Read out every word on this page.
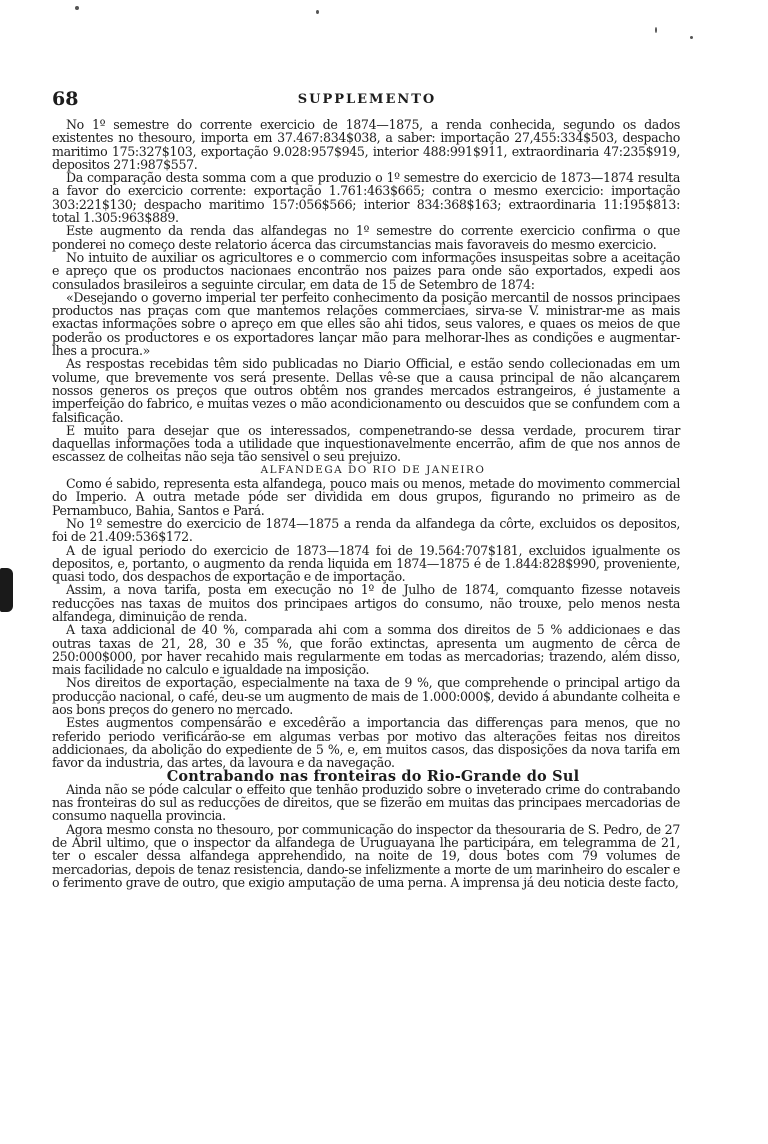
68	SUPPLEMENTO

No 1º semestre do corrente exercicio de 1874—1875, a renda conhecida, segundo os dados existentes no thesouro, importa em 37.467:834$038, a saber: importação 27,455:334$503, despacho maritimo 175:327$103, exportação 9.028:957$945, interior 488:991$911, extraordinaria 47:235$919, depositos 271:987$557.

Da comparação desta somma com a que produzio o 1º semestre do exercicio de 1873—1874 resulta a favor do exercicio corrente: exportação 1.761:463$665; contra o mesmo exercicio: importação 303:221$130; despacho maritimo 157:056$566; interior 834:368$163; extraordinaria 11:195$813: total 1.305:963$889.

Este augmento da renda das alfandegas no 1º semestre do corrente exercicio confirma o que ponderei no começo deste relatorio ácerca das circumstancias mais favoraveis do mesmo exercicio.

No intuito de auxiliar os agricultores e o commercio com informações insuspeitas sobre a aceitação e apreço que os productos nacionaes encontrão nos paizes para onde são exportados, expedi aos consulados brasileiros a seguinte circular, em data de 15 de Setembro de 1874:

«Desejando o governo imperial ter perfeito conhecimento da posição mercantil de nossos principaes productos nas praças com que mantemos relações commerciaes, sirva-se V. ministrar-me as mais exactas informações sobre o apreço em que elles são ahi tidos, seus valores, e quaes os meios de que poderão os productores e os exportadores lançar mão para melhorar-lhes as condições e augmentar-lhes a procura.»

As respostas recebidas têm sido publicadas no Diario Official, e estão sendo collecionadas em um volume, que brevemente vos será presente. Dellas vê-se que a causa principal de não alcançarem nossos generos os preços que outros obtêm nos grandes mercados estrangeiros, é justamente a imperfeição do fabrico, e muitas vezes o mão acondicionamento ou descuidos que se confundem com a falsificação.

E muito para desejar que os interessados, compenetrando-se dessa verdade, procurem tirar daquellas informações toda a utilidade que inquestionavelmente encerrão, afim de que nos annos de escassez de colheitas não seja tão sensivel o seu prejuizo.

ALFANDEGA DO RIO DE JANEIRO

Como é sabido, representa esta alfandega, pouco mais ou menos, metade do movimento commercial do Imperio. A outra metade póde ser dividida em dous grupos, figurando no primeiro as de Pernambuco, Bahia, Santos e Pará.

No 1º semestre do exercicio de 1874—1875 a renda da alfandega da côrte, excluidos os depositos, foi de 21.409:536$172.

A de igual periodo do exercicio de 1873—1874 foi de 19.564:707$181, excluidos igualmente os depositos, e, portanto, o augmento da renda liquida em 1874—1875 é de 1.844:828$990, proveniente, quasi todo, dos despachos de exportação e de importação.

Assim, a nova tarifa, posta em execução no 1º de Julho de 1874, comquanto fizesse notaveis reducções nas taxas de muitos dos principaes artigos do consumo, não trouxe, pelo menos nesta alfandega, diminuição de renda.

A taxa addicional de 40 %, comparada ahi com a somma dos direitos de 5 % addicionaes e das outras taxas de 21, 28, 30 e 35 %, que forão extinctas, apresenta um augmento de cêrca de 250:000$000, por haver recahido mais regularmente em todas as mercadorias; trazendo, além disso, mais facilidade no calculo e igualdade na imposição.

Nos direitos de exportação, especialmente na taxa de 9 %, que comprehende o principal artigo da producção nacional, o café, deu-se um augmento de mais de 1.000:000$, devido á abundante colheita e aos bons preços do genero no mercado.

Estes augmentos compensárão e excedêrão a importancia das differenças para menos, que no referido periodo verificárão-se em algumas verbas por motivo das alterações feitas nos direitos addicionaes, da abolição do expediente de 5 %, e, em muitos casos, das disposições da nova tarifa em favor da industria, das artes, da lavoura e da navegação.

Contrabando nas fronteiras do Rio-Grande do Sul

Ainda não se póde calcular o effeito que tenhão produzido sobre o inveterado crime do contrabando nas fronteiras do sul as reducções de direitos, que se fizerão em muitas das principaes mercadorias de consumo naquella provincia.

Agora mesmo consta no thesouro, por communicação do inspector da thesouraria de S. Pedro, de 27 de Abril ultimo, que o inspector da alfandega de Uruguayana lhe participára, em telegramma de 21, ter o escaler dessa alfandega apprehendido, na noite de 19, dous botes com 79 volumes de mercadorias, depois de tenaz resistencia, dando-se infelizmente a morte de um marinheiro do escaler e o ferimento grave de outro, que exigio amputação de uma perna. A imprensa já deu noticia deste facto,
